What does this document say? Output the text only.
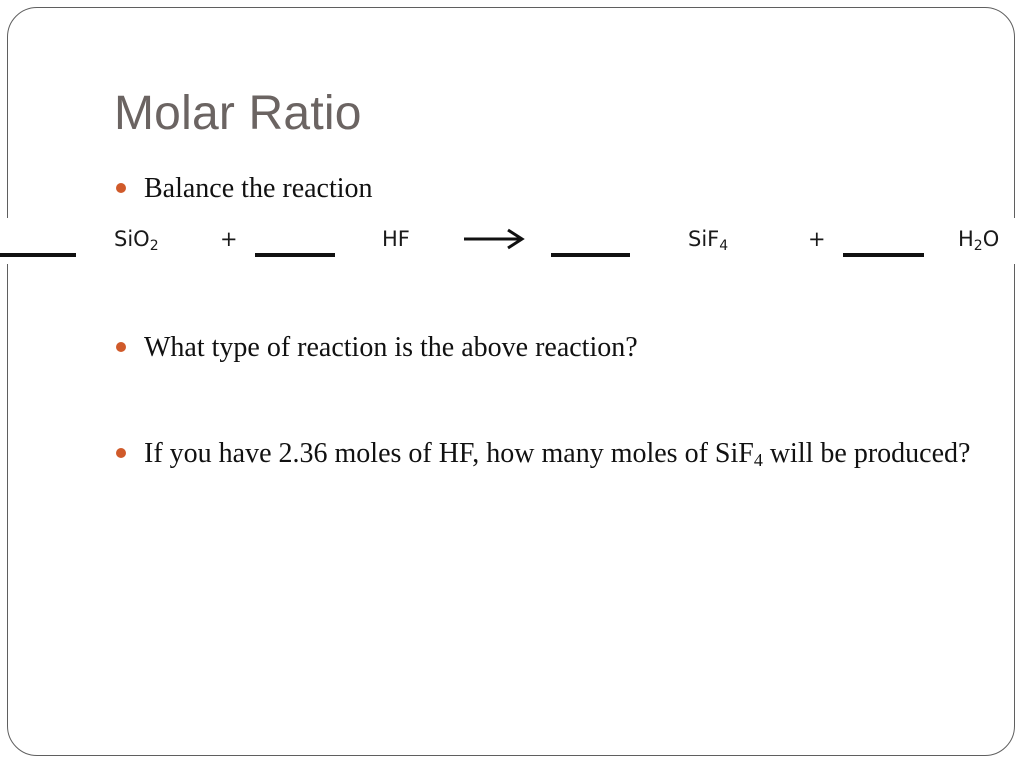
Molar Ratio
Balance the reaction
SiO$_2$	+	HF	SiF$_4$	+	$H_2O$
What type of reaction is the above reaction?
If you have 2.36 moles of HF, how many moles of SiF$_4$ will be produced?
